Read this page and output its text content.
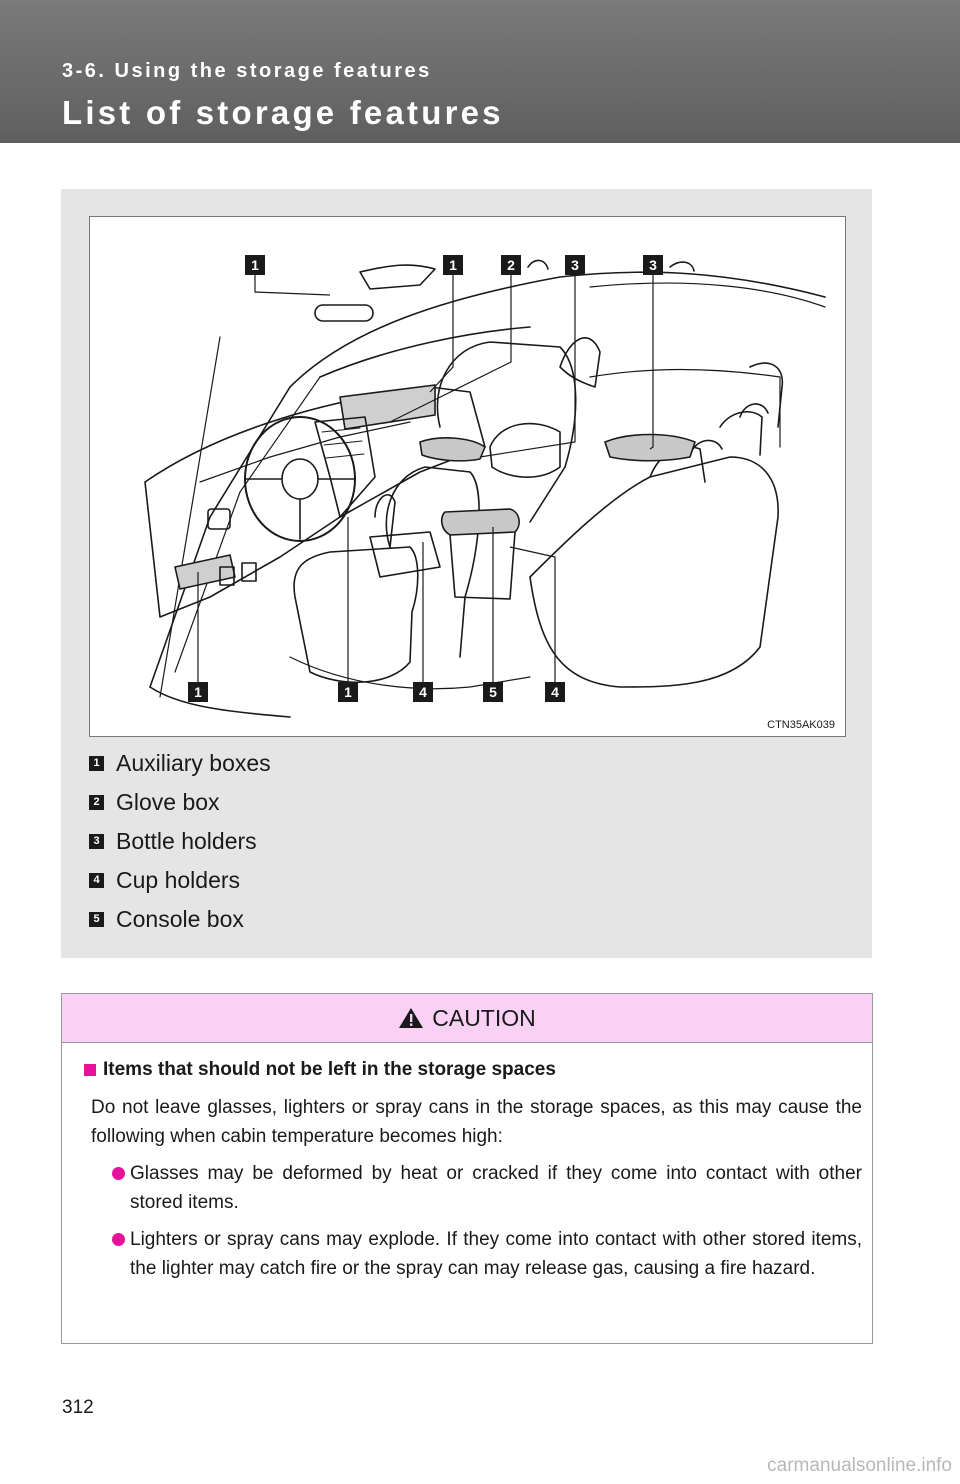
3-6. Using the storage features
List of storage features
1	1	2	3	3
1	1	4	5	4
CTN35AK039
1 Auxiliary boxes
2 Glove box
3 Bottle holders
4 Cup holders
5 Console box
CAUTION
Items that should not be left in the storage spaces

Do not leave glasses, lighters or spray cans in the storage spaces, as this may cause the following when cabin temperature becomes high:

Glasses may be deformed by heat or cracked if they come into contact with other stored items.
Lighters or spray cans may explode. If they come into contact with other stored items, the lighter may catch fire or the spray can may release gas, causing a fire hazard.
312
carmanualsonline.info
